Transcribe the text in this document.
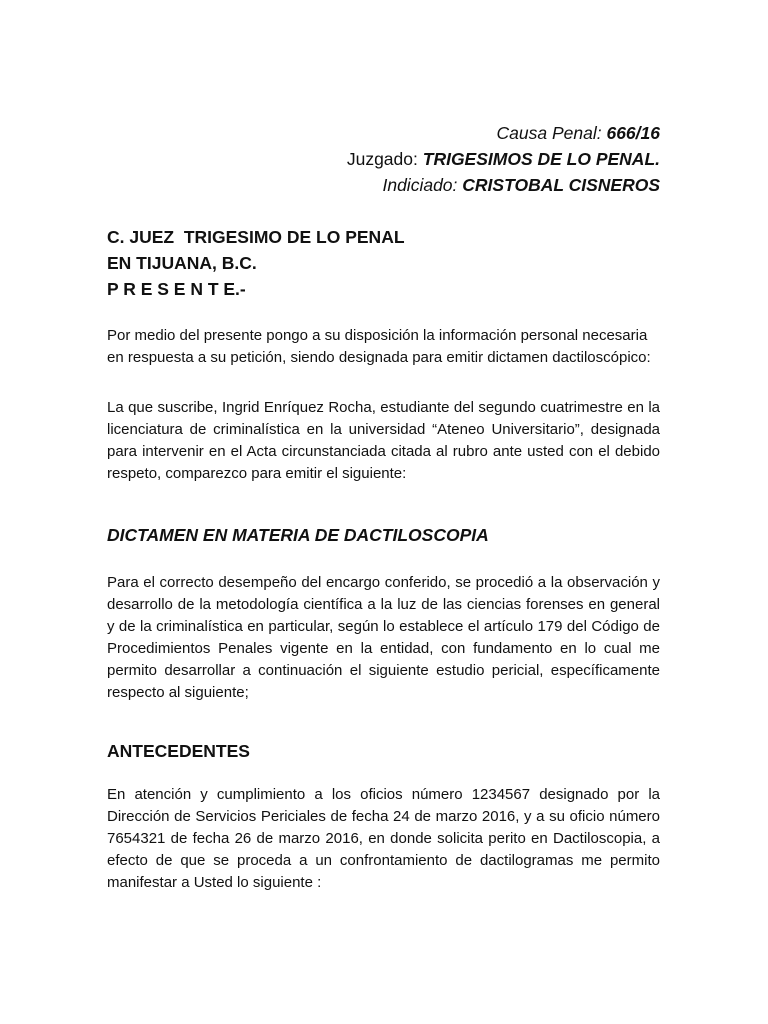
Causa Penal: 666/16
Juzgado: TRIGESIMOS DE LO PENAL.
Indiciado: CRISTOBAL CISNEROS
C. JUEZ  TRIGESIMO DE LO PENAL
EN TIJUANA, B.C.
P R E S E N T E.-
Por medio del presente pongo a su disposición la información personal necesaria
en respuesta a su petición, siendo designada para emitir dictamen dactiloscópico:
La que suscribe, Ingrid Enríquez Rocha, estudiante del segundo cuatrimestre en la
licenciatura de criminalística en la universidad “Ateneo Universitario”, designada
para intervenir en el Acta circunstanciada citada al rubro ante usted con el debido
respeto, comparezco para emitir el siguiente:
DICTAMEN EN MATERIA DE DACTILOSCOPIA
Para el correcto desempeño del encargo conferido, se procedió a la observación y
desarrollo de la metodología científica a la luz de las ciencias forenses en general
y de la criminalística en particular, según lo establece el artículo 179 del Código de
Procedimientos Penales vigente en la entidad, con fundamento en lo cual me
permito desarrollar a continuación el siguiente estudio pericial, específicamente
respecto al siguiente;
ANTECEDENTES
En atención y cumplimiento a los oficios número 1234567 designado por la
Dirección de Servicios Periciales de fecha 24 de marzo 2016, y a su oficio número
7654321 de fecha 26 de marzo 2016, en donde solicita perito en Dactiloscopia, a
efecto de que se proceda a un confrontamiento de dactilogramas me permito
manifestar a Usted lo siguiente :
